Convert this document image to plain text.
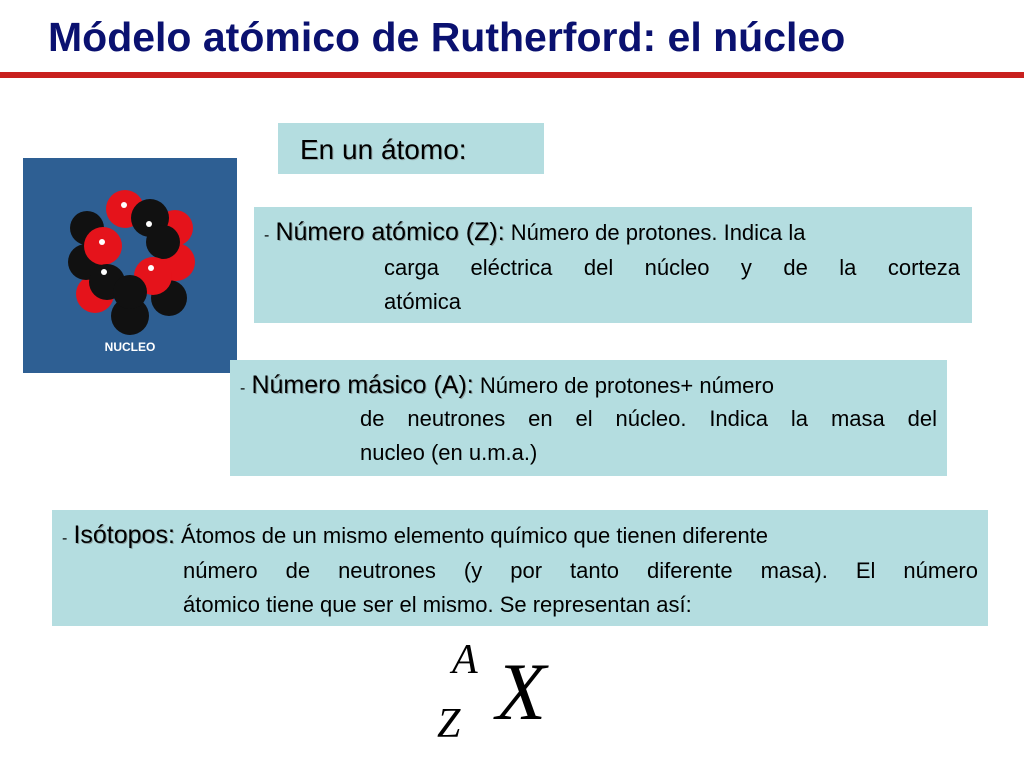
Módelo atómico de Rutherford: el núcleo
En un átomo:
NUCLEO
- Número atómico (Z): Número de protones. Indica la
carga eléctrica del núcleo y de la corteza
atómica
- Número másico (A): Número de protones+ número
de neutrones en el núcleo. Indica la masa del
nucleo (en u.m.a.)
- Isótopos: Átomos de un mismo elemento químico que tienen diferente
número de neutrones (y por tanto diferente masa). El número
átomico tiene que ser el mismo. Se representan así:
A
Z X
